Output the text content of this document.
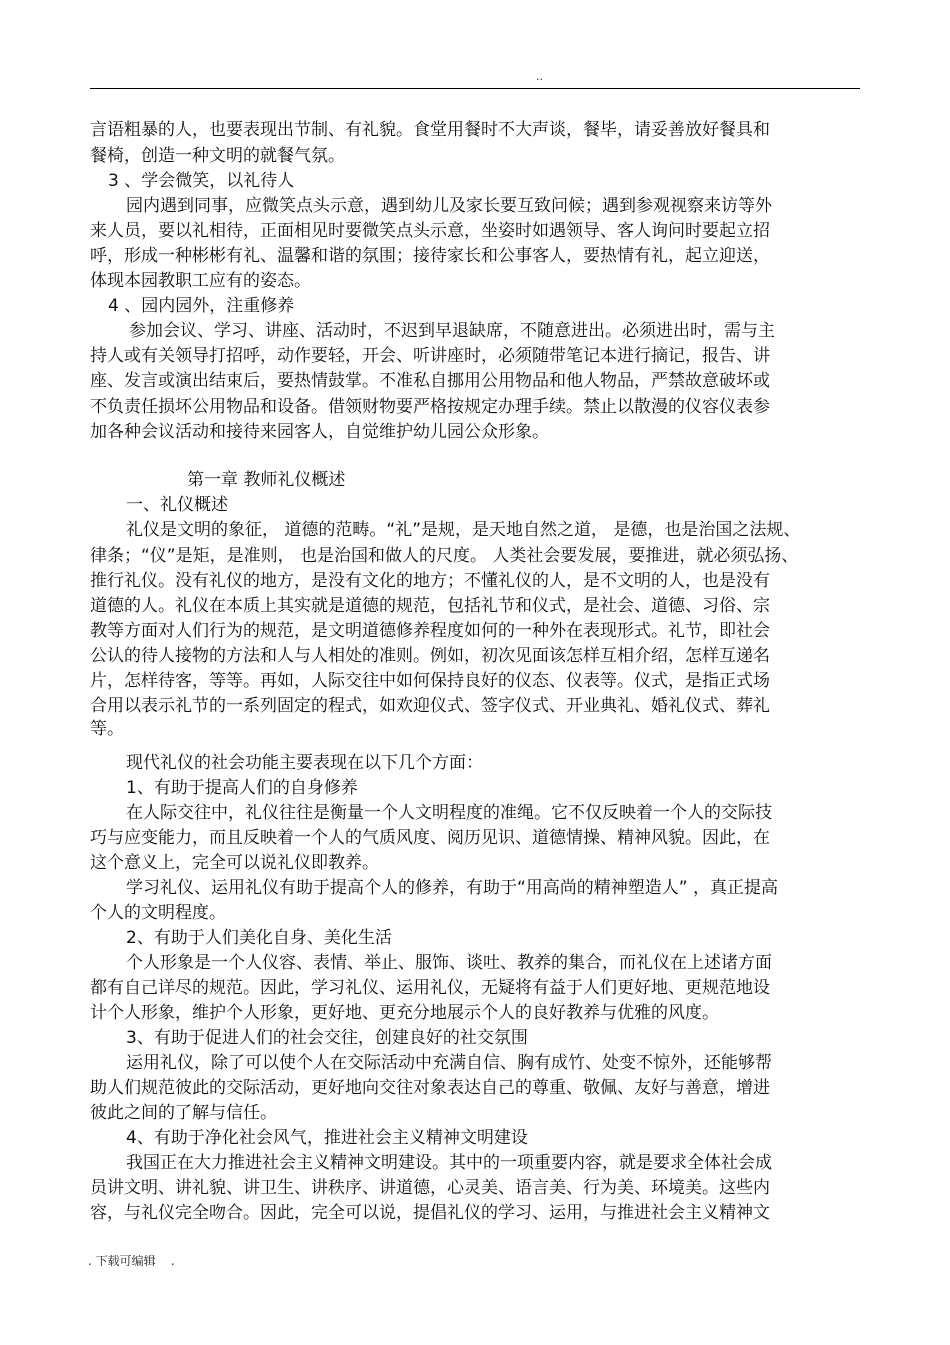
..
言语粗暴的人，也要表现出节制、有礼貌。食堂用餐时不大声谈，餐毕，请妥善放好餐具和
餐椅，创造一种文明的就餐气氛。
3 、学会微笑，以礼待人
园内遇到同事，应微笑点头示意，遇到幼儿及家长要互致问候；遇到参观视察来访等外
来人员，要以礼相待，正面相见时要微笑点头示意，坐姿时如遇领导、客人询问时要起立招
呼，形成一种彬彬有礼、温馨和谐的氛围；接待家长和公事客人，要热情有礼，起立迎送，
体现本园教职工应有的姿态。
4 、园内园外，注重修养
参加会议、学习、讲座、活动时，不迟到早退缺席，不随意进出。必须进出时，需与主
持人或有关领导打招呼，动作要轻，开会、听讲座时，必须随带笔记本进行摘记，报告、讲
座、发言或演出结束后，要热情鼓掌。不准私自挪用公用物品和他人物品，严禁故意破坏或
不负责任损坏公用物品和设备。借领财物要严格按规定办理手续。禁止以散漫的仪容仪表参
加各种会议活动和接待来园客人，自觉维护幼儿园公众形象。
第一章 教师礼仪概述
一、礼仪概述
礼仪是文明的象征， 道德的范畴。“礼”是规，是天地自然之道， 是德，也是治国之法规、
律条；“仪”是矩，是准则， 也是治国和做人的尺度。 人类社会要发展，要推进，就必须弘扬、
推行礼仪。没有礼仪的地方，是没有文化的地方；不懂礼仪的人，是不文明的人，也是没有
道德的人。礼仪在本质上其实就是道德的规范，包括礼节和仪式，是社会、道德、习俗、宗
教等方面对人们行为的规范，是文明道德修养程度如何的一种外在表现形式。礼节，即社会
公认的待人接物的方法和人与人相处的准则。例如，初次见面该怎样互相介绍，怎样互递名
片，怎样待客，等等。再如，人际交往中如何保持良好的仪态、仪表等。仪式，是指正式场
合用以表示礼节的一系列固定的程式，如欢迎仪式、签字仪式、开业典礼、婚礼仪式、葬礼
等。
现代礼仪的社会功能主要表现在以下几个方面：
1、有助于提高人们的自身修养
在人际交往中，礼仪往往是衡量一个人文明程度的准绳。它不仅反映着一个人的交际技
巧与应变能力，而且反映着一个人的气质风度、阅历见识、道德情操、精神风貌。因此，在
这个意义上，完全可以说礼仪即教养。
学习礼仪、运用礼仪有助于提高个人的修养，有助于“用高尚的精神塑造人” ，真正提高
个人的文明程度。
2、有助于人们美化自身、美化生活
个人形象是一个人仪容、表情、举止、服饰、谈吐、教养的集合，而礼仪在上述诸方面
都有自己详尽的规范。因此，学习礼仪、运用礼仪，无疑将有益于人们更好地、更规范地设
计个人形象，维护个人形象，更好地、更充分地展示个人的良好教养与优雅的风度。
3、有助于促进人们的社会交往，创建良好的社交氛围
运用礼仪，除了可以使个人在交际活动中充满自信、胸有成竹、处变不惊外，还能够帮
助人们规范彼此的交际活动，更好地向交往对象表达自己的尊重、敬佩、友好与善意，增进
彼此之间的了解与信任。
4、有助于净化社会风气，推进社会主义精神文明建设
我国正在大力推进社会主义精神文明建设。其中的一项重要内容，就是要求全体社会成
员讲文明、讲礼貌、讲卫生、讲秩序、讲道德，心灵美、语言美、行为美、环境美。这些内
容，与礼仪完全吻合。因此，完全可以说，提倡礼仪的学习、运用，与推进社会主义精神文
. 下载可编辑    .
